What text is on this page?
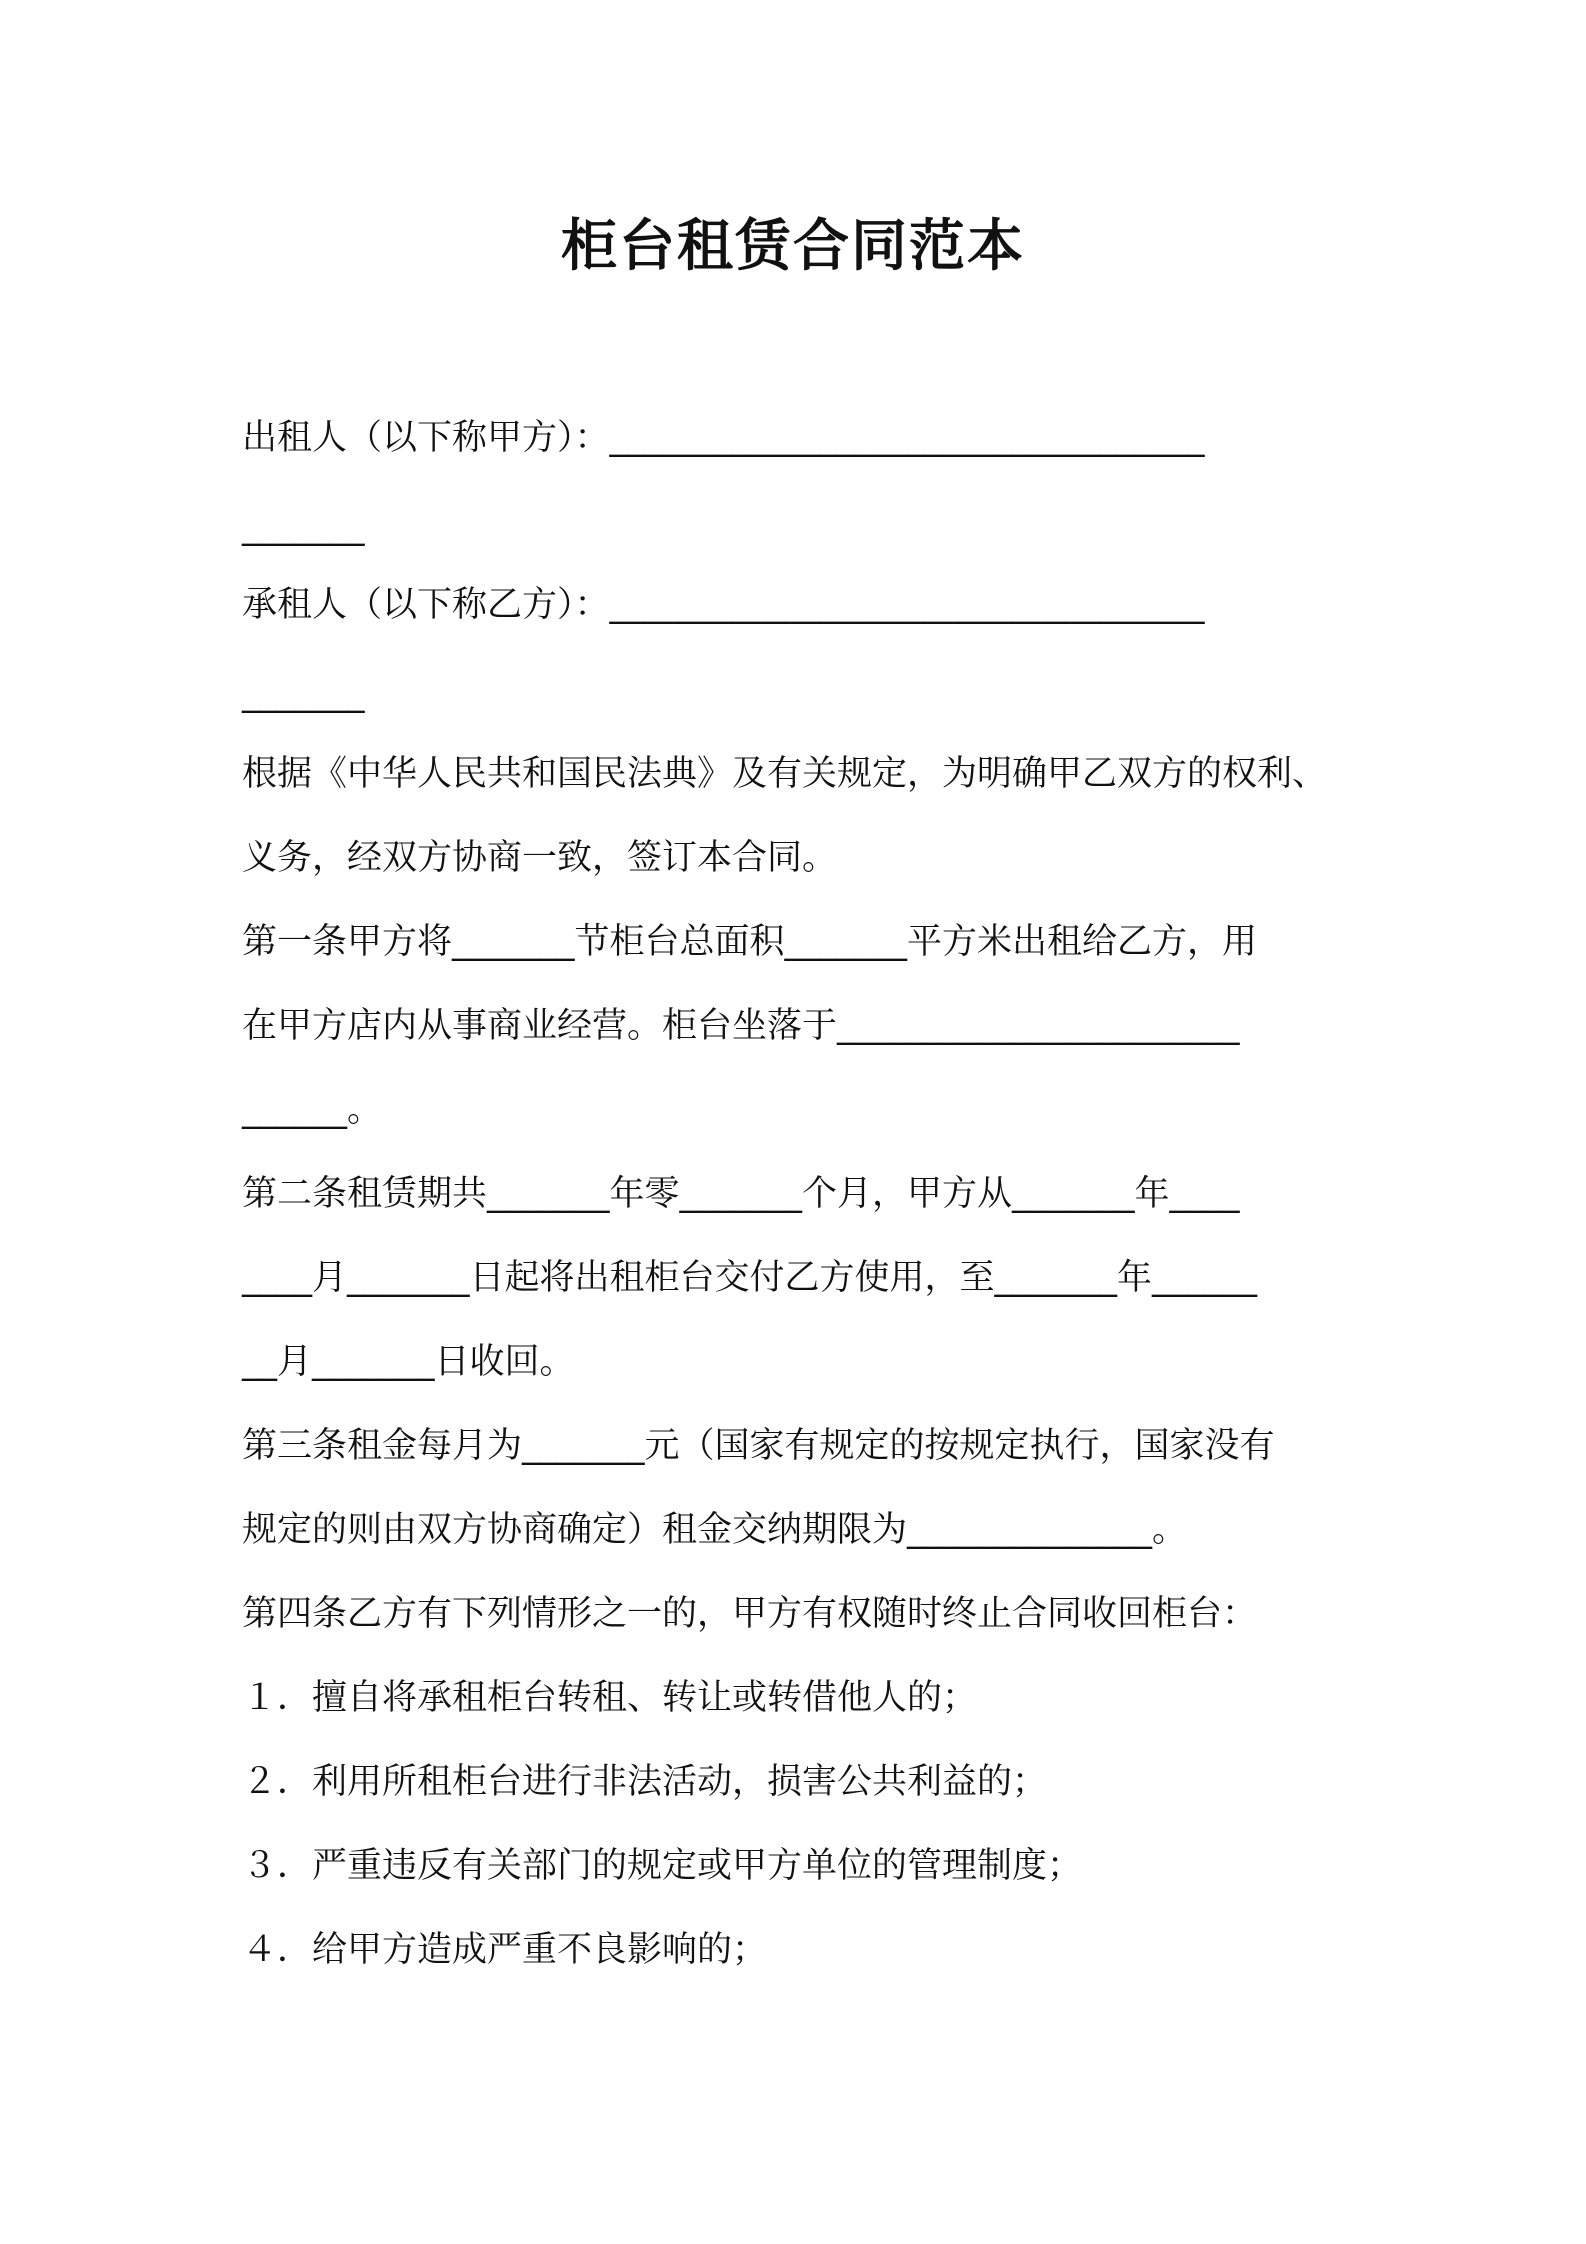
柜台租赁合同范本
出租人（以下称甲方）：__________________________________
_______
承租人（以下称乙方）：__________________________________
_______
根据《中华人民共和国民法典》及有关规定，为明确甲乙双方的权利、
义务，经双方协商一致，签订本合同。
第一条甲方将_______节柜台总面积_______平方米出租给乙方，用
在甲方店内从事商业经营。柜台坐落于_______________________
______。
第二条租赁期共_______年零_______个月，甲方从_______年____
____月_______日起将出租柜台交付乙方使用，至_______年______
__月_______日收回。
第三条租金每月为_______元（国家有规定的按规定执行，国家没有
规定的则由双方协商确定）租金交纳期限为______________。
第四条乙方有下列情形之一的，甲方有权随时终止合同收回柜台：
１．擅自将承租柜台转租、转让或转借他人的；
２．利用所租柜台进行非法活动，损害公共利益的；
３．严重违反有关部门的规定或甲方单位的管理制度；
４．给甲方造成严重不良影响的；
